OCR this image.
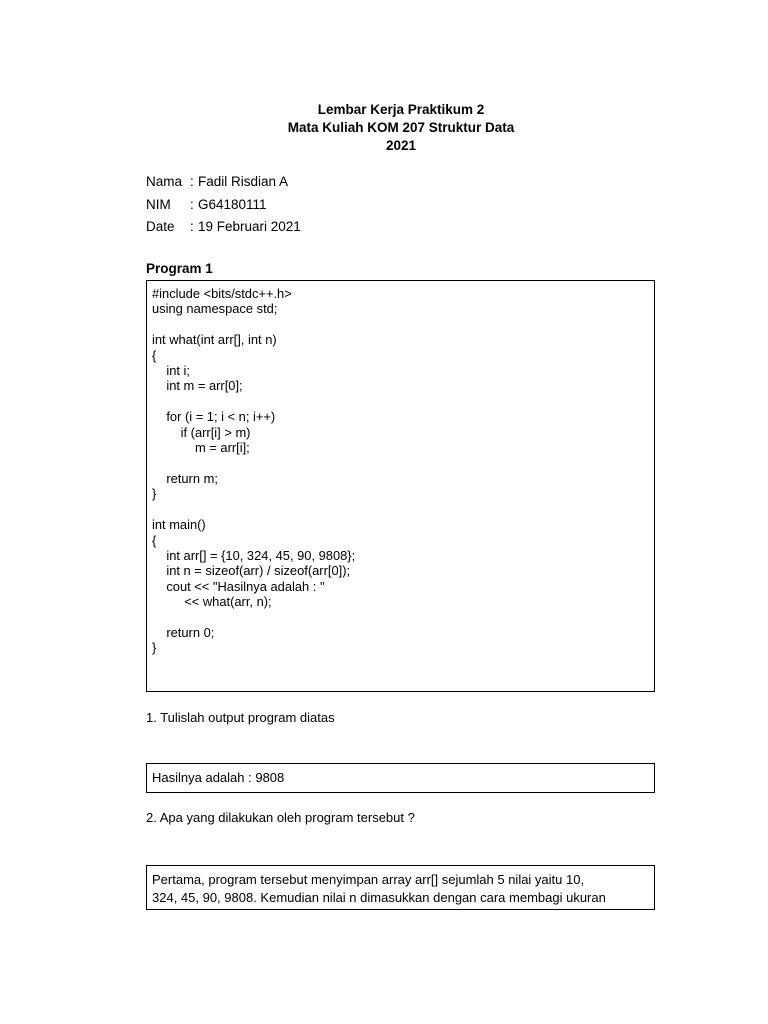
Lembar Kerja Praktikum 2
Mata Kuliah KOM 207 Struktur Data
2021
Nama : Fadil Risdian A
NIM : G64180111
Date : 19 Februari 2021
Program 1
#include <bits/stdc++.h>
using namespace std;

int what(int arr[], int n)
{
int i;
int m = arr[0];

for (i = 1; i < n; i++)
if (arr[i] > m)
m = arr[i];

return m;
}

int main()
{
int arr[] = {10, 324, 45, 90, 9808};
int n = sizeof(arr) / sizeof(arr[0]);
cout << "Hasilnya adalah : "
<< what(arr, n);

return 0;
}
1. Tulislah output program diatas
Hasilnya adalah : 9808
2. Apa yang dilakukan oleh program tersebut ?
Pertama, program tersebut menyimpan array arr[] sejumlah 5 nilai yaitu 10,
324, 45, 90, 9808. Kemudian nilai n dimasukkan dengan cara membagi ukuran
